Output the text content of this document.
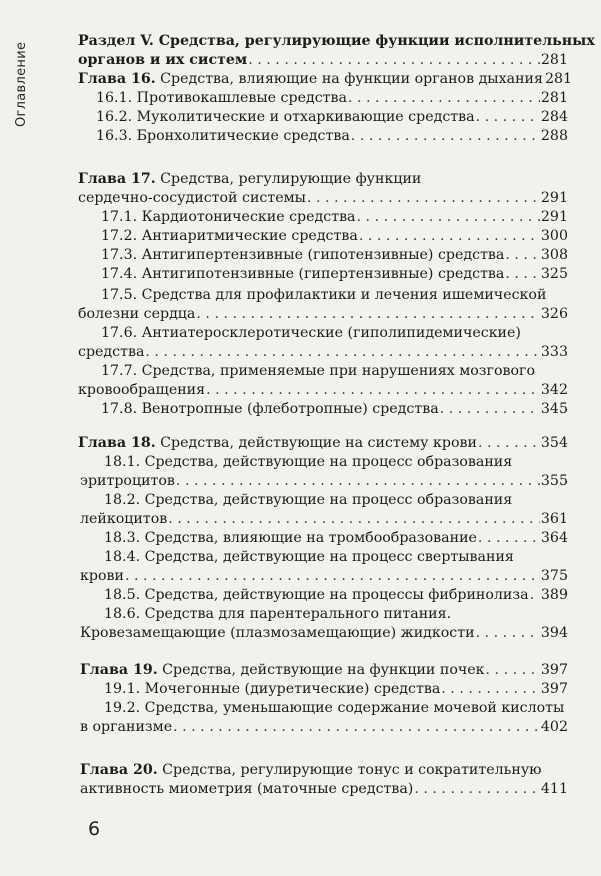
Оглавление
Раздел V. Средства, регулирующие функции исполнительных
органов и их систем . . .	281
Глава 16. Средства, влияющие на функции органов дыхания 281
16.1. Противокашлевые средства . . .	281
16.2. Муколитические и отхаркивающие средства . . .	284
16.3. Бронхолитические средства . . .	288
Глава 17. Средства, регулирующие функции
сердечно-сосудистой системы . . .	291
17.1. Кардиотонические средства . . .	291
17.2. Антиаритмические средства . . .	300
17.3. Антигипертензивные (гипотензивные) средства . . .	308
17.4. Антигипотензивные (гипертензивные) средства . . .	325
17.5. Средства для профилактики и лечения ишемической
болезни сердца . . .	326
17.6. Антиатеросклеротические (гиполипидемические)
средства . . .	333
17.7. Средства, применяемые при нарушениях мозгового
кровообращения . . .	342
17.8. Венотропные (флеботропные) средства . . .	345
Глава 18. Средства, действующие на систему крови . . .	354
18.1. Средства, действующие на процесс образования
эритроцитов . . .	355
18.2. Средства, действующие на процесс образования
лейкоцитов . . .	361
18.3. Средства, влияющие на тромбообразование . . .	364
18.4. Средства, действующие на процесс свертывания
крови . . .	375
18.5. Средства, действующие на процессы фибринолиза . . . 389
18.6. Средства для парентерального питания.
Кровезамещающие (плазмозамещающие) жидкости . . .	394
Глава 19. Средства, действующие на функции почек . . .	397
19.1. Мочегонные (диуретические) средства . . .	397
19.2. Средства, уменьшающие содержание мочевой кислоты
в организме . . .	402
Глава 20. Средства, регулирующие тонус и сократительную
активность миометрия (маточные средства) . . .	411
6
